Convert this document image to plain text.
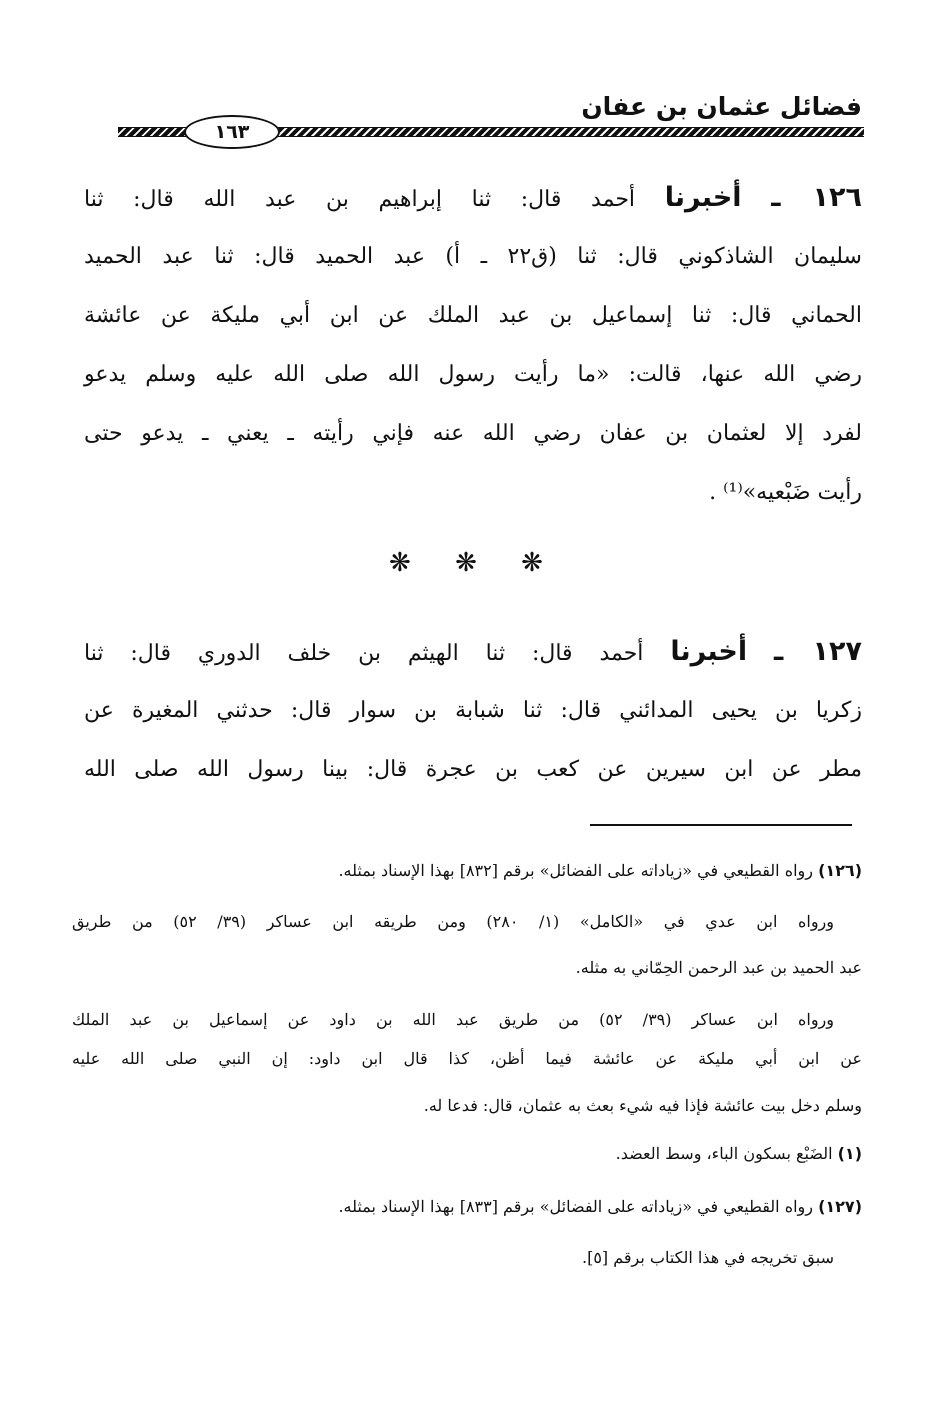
فضائل عثمان بن عفان
١٦٣
١٢٦ ـ أخبرنا أحمد قال: ثنا إبراهيم بن عبد الله قال: ثنا
سليمان الشاذكوني قال: ثنا (ق٢٢ ـ أ) عبد الحميد قال: ثنا عبد الحميد
الحماني قال: ثنا إسماعيل بن عبد الملك عن ابن أبي مليكة عن عائشة
رضي الله عنها، قالت: «ما رأيت رسول الله صلى الله عليه وسلم يدعو
لفرد إلا لعثمان بن عفان رضي الله عنه فإني رأيته ـ يعني ـ يدعو حتى
رأيت ضَبْعيه»⁽¹⁾ .
❋ ❋ ❋
١٢٧ ـ أخبرنا أحمد قال: ثنا الهيثم بن خلف الدوري قال: ثنا
زكريا بن يحيى المدائني قال: ثنا شبابة بن سوار قال: حدثني المغيرة عن
مطر عن ابن سيرين عن كعب بن عجرة قال: بينا رسول الله صلى الله
(١٢٦) رواه القطيعي في «زياداته على الفضائل» برقم [٨٣٢] بهذا الإسناد بمثله.
ورواه ابن عدي في «الكامل» (١/ ٢٨٠) ومن طريقه ابن عساكر (٣٩/ ٥٢) من طريق
عبد الحميد بن عبد الرحمن الحِمّاني به مثله.
ورواه ابن عساكر (٣٩/ ٥٢) من طريق عبد الله بن داود عن إسماعيل بن عبد الملك
عن ابن أبي مليكة عن عائشة فيما أظن، كذا قال ابن داود: إن النبي صلى الله عليه
وسلم دخل بيت عائشة فإذا فيه شيء بعث به عثمان، قال: فدعا له.
(١) الضَبْع بسكون الباء، وسط العضد.
(١٢٧) رواه القطيعي في «زياداته على الفضائل» برقم [٨٣٣] بهذا الإسناد بمثله.
سبق تخريجه في هذا الكتاب برقم [٥].
